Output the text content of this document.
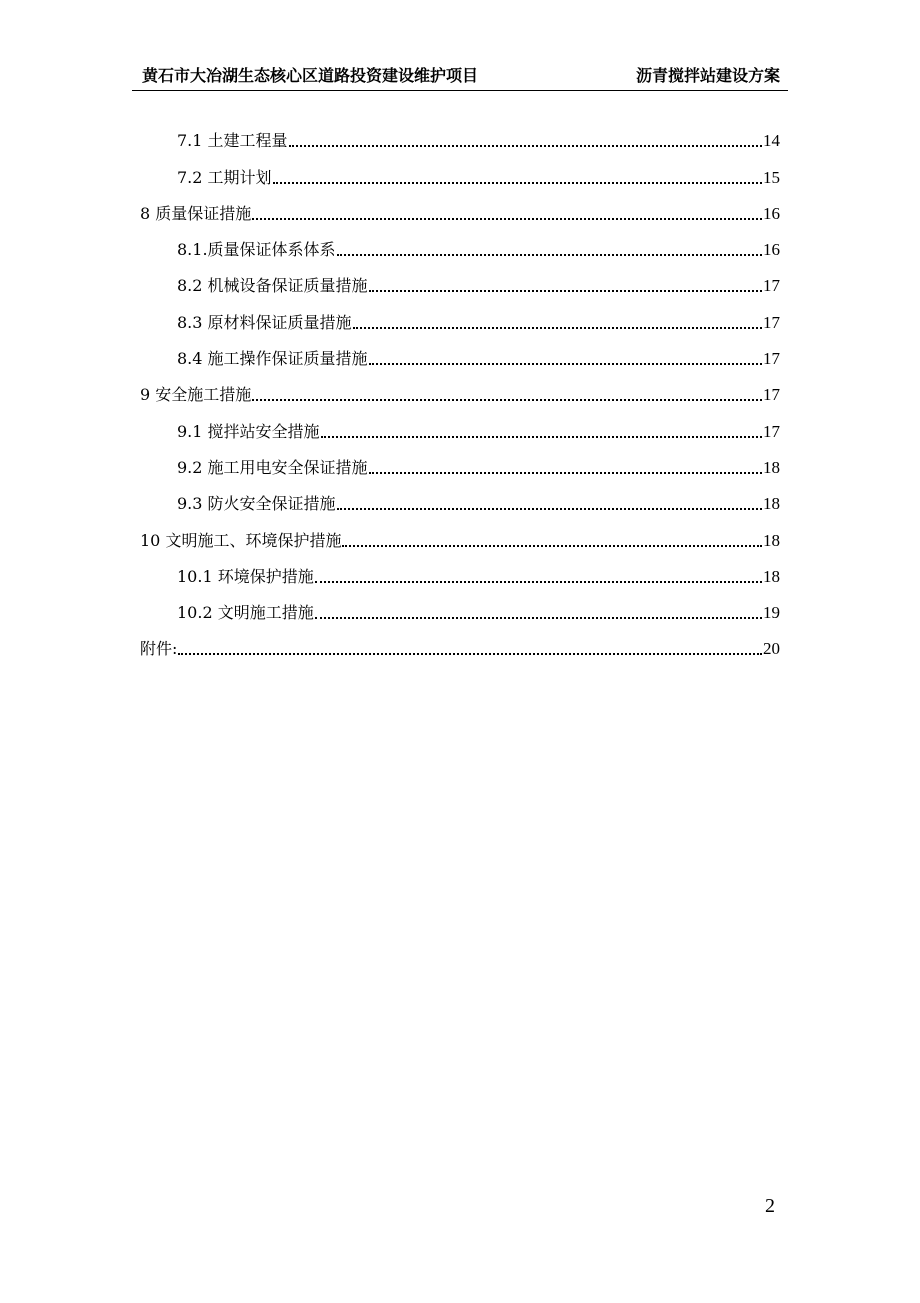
黄石市大冶湖生态核心区道路投资建设维护项目	沥青搅拌站建设方案
7.1 土建工程量	14
7.2 工期计划	15
8 质量保证措施	16
8.1.质量保证体系体系	16
8.2 机械设备保证质量措施	17
8.3 原材料保证质量措施	17
8.4 施工操作保证质量措施	17
9 安全施工措施	17
9.1 搅拌站安全措施	17
9.2 施工用电安全保证措施	18
9.3 防火安全保证措施	18
10 文明施工、环境保护措施	18
10.1 环境保护措施	18
10.2 文明施工措施	19
附件:	20
2
